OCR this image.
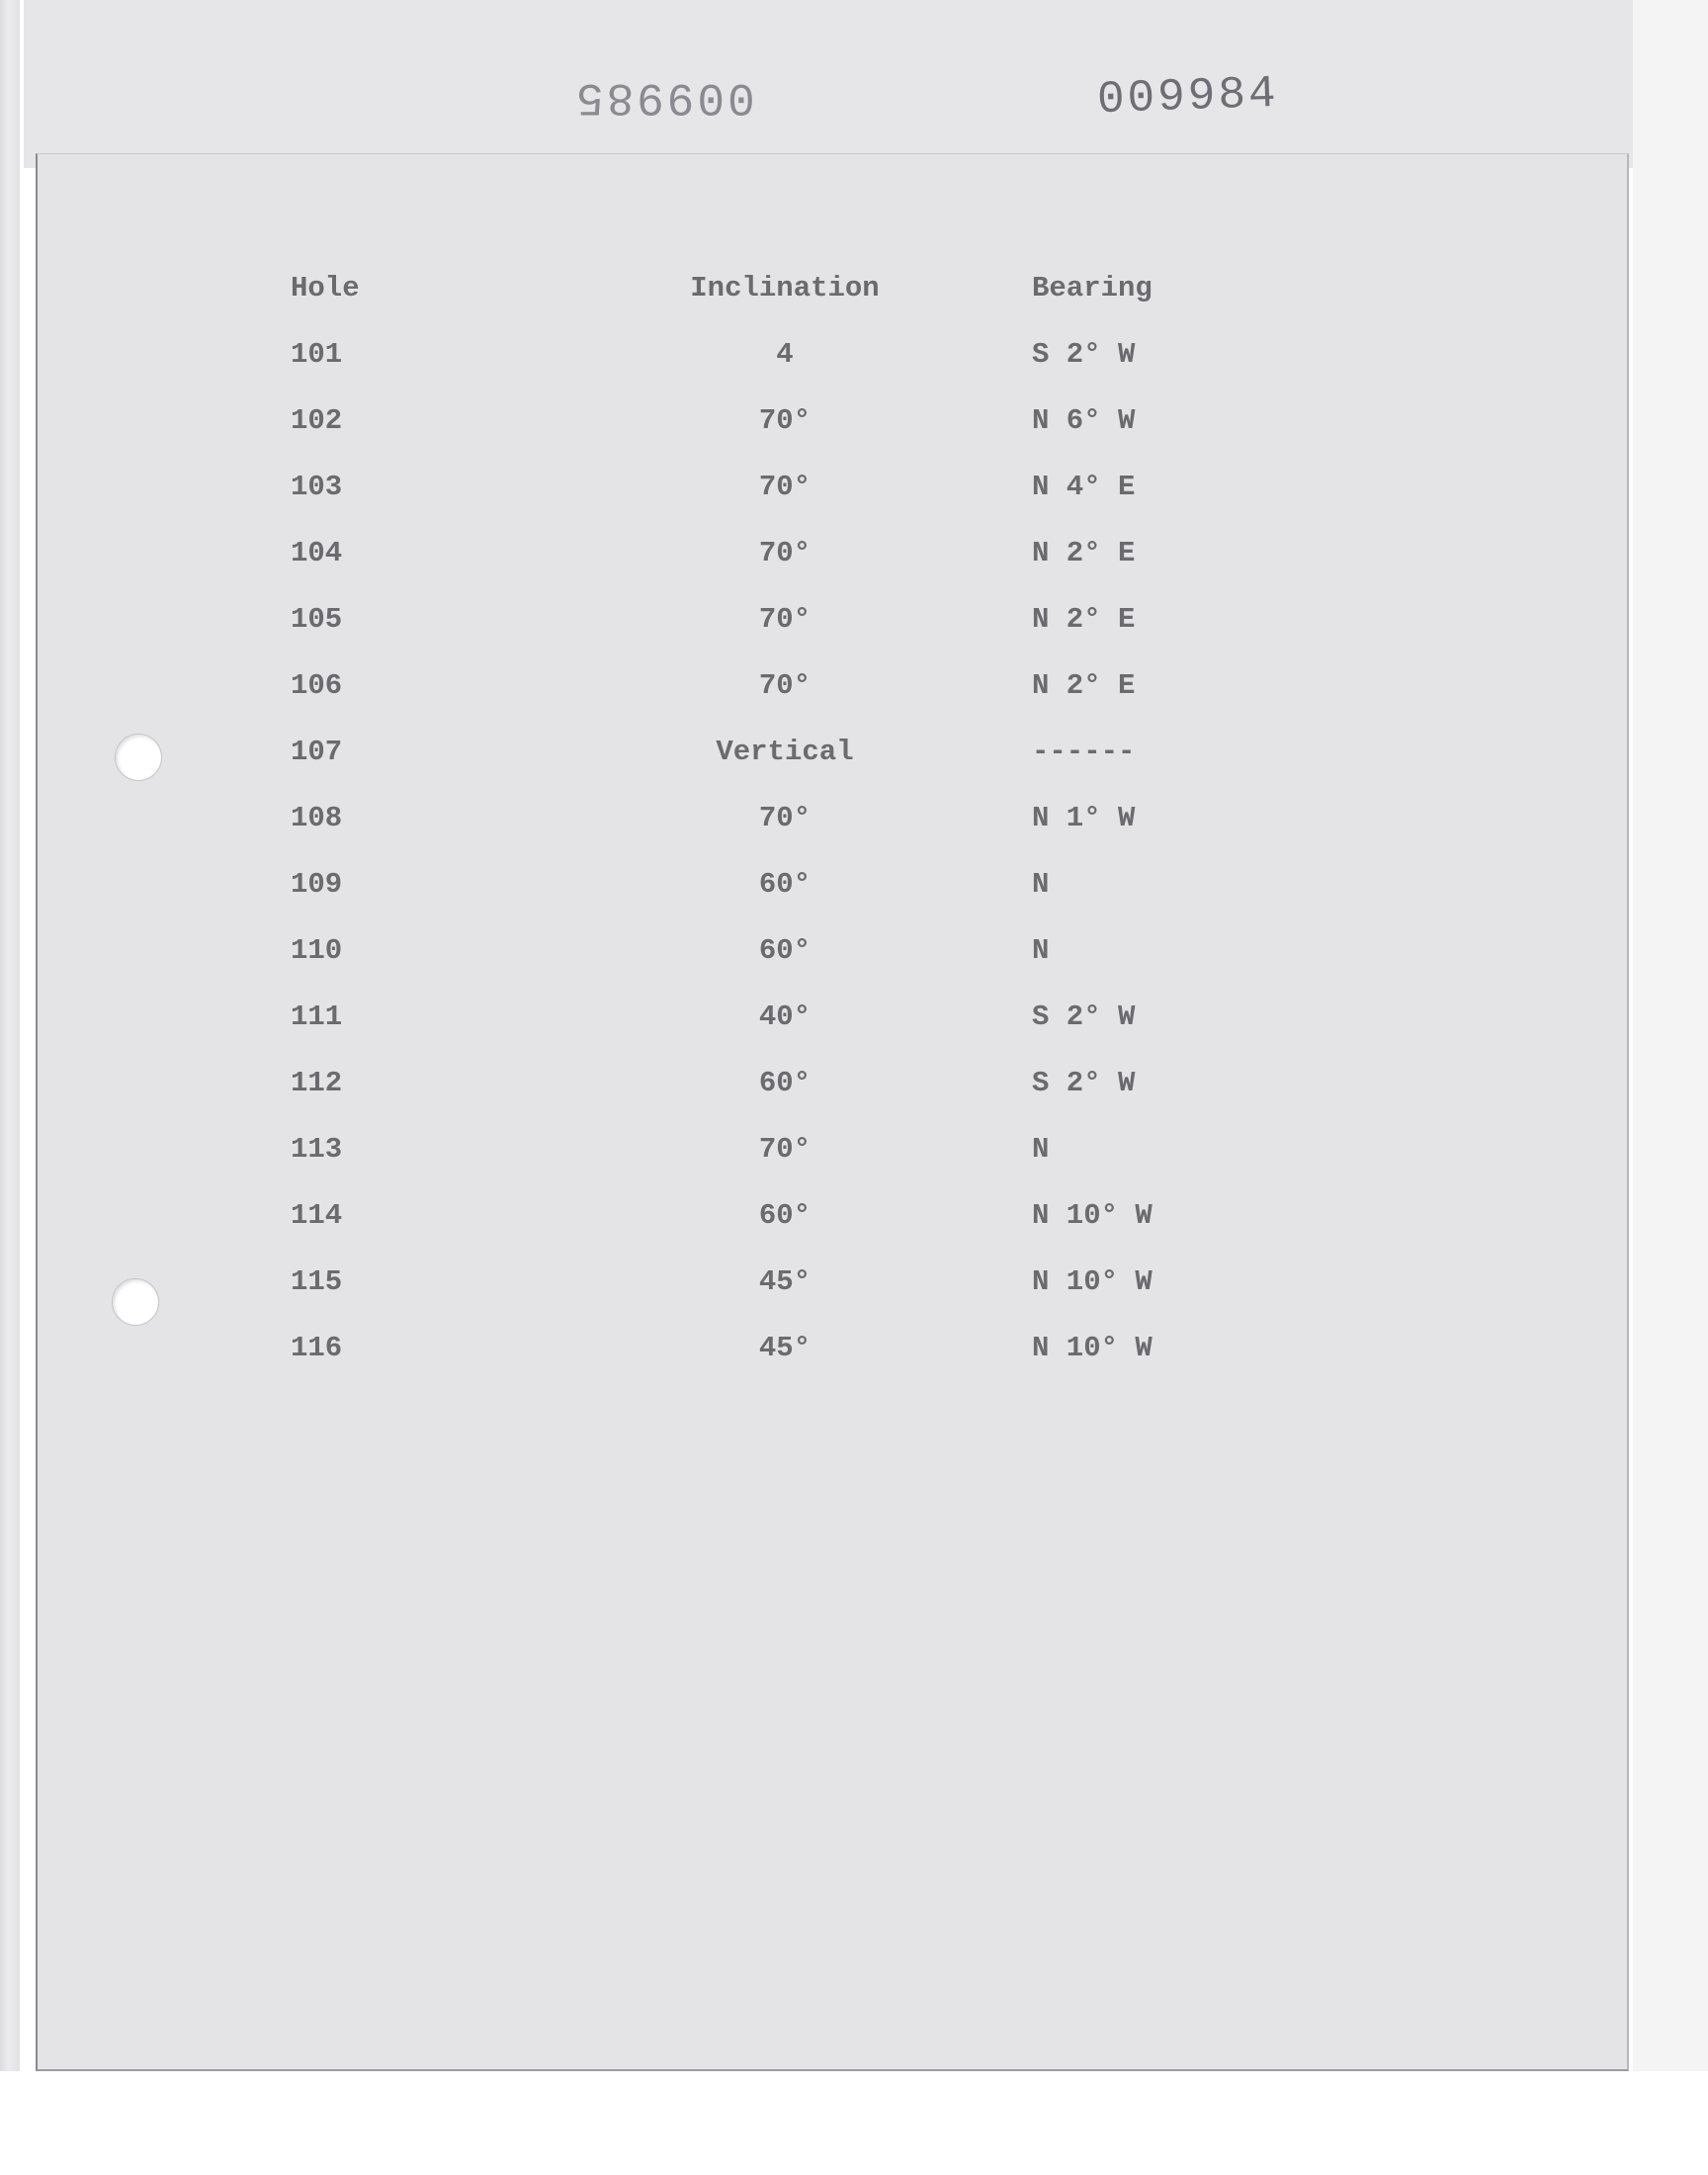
009985	009984
Hole	Inclination	Bearing
101	4	S 2° W
102	70°	N 6° W
103	70°	N 4° E
104	70°	N 2° E
105	70°	N 2° E
106	70°	N 2° E
107	Vertical	------
108	70°	N 1° W
109	60°	N
110	60°	N
111	40°	S 2° W
112	60°	S 2° W
113	70°	N
114	60°	N 10° W
115	45°	N 10° W
116	45°	N 10° W
